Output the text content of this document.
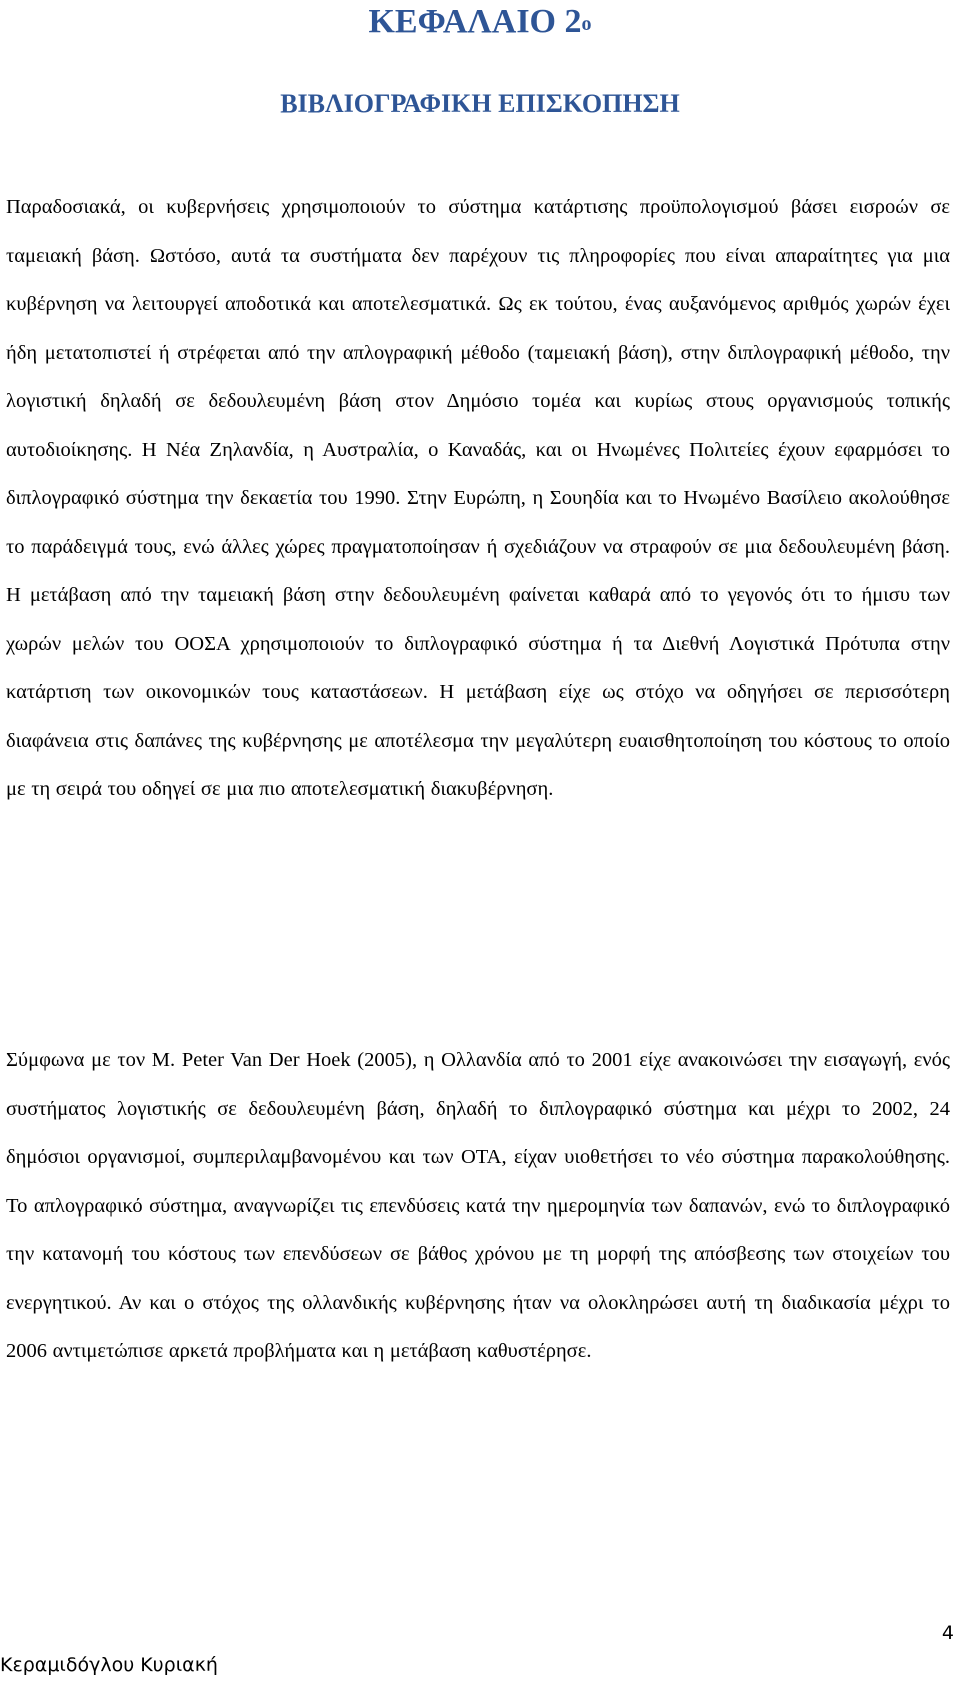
ΚΕΦΑΛΑΙΟ $2^o$
ΒΙΒΛΙΟΓΡΑΦΙΚΗ ΕΠΙΣΚΟΠΗΣΗ

Παραδοσιακά, οι κυβερνήσεις χρησιμοποιούν το σύστημα κατάρτισης προϋπολογισμού βάσει εισροών σε ταμειακή βάση. Ωστόσο, αυτά τα συστήματα δεν παρέχουν τις πληροφορίες που είναι απαραίτητες για μια κυβέρνηση να λειτουργεί αποδοτικά και αποτελεσματικά. Ως εκ τούτου, ένας αυξανόμενος αριθμός χωρών έχει ήδη μετατοπιστεί ή στρέφεται από την απλογραφική μέθοδο (ταμειακή βάση), στην διπλογραφική μέθοδο, την λογιστική δηλαδή σε δεδουλευμένη βάση στον Δημόσιο τομέα και κυρίως στους οργανισμούς τοπικής αυτοδιοίκησης. Η Νέα Ζηλανδία, η Αυστραλία, ο Καναδάς, και οι Ηνωμένες Πολιτείες έχουν εφαρμόσει το διπλογραφικό σύστημα την δεκαετία του 1990. Στην Ευρώπη, η Σουηδία και το Ηνωμένο Βασίλειο ακολούθησε το παράδειγμά τους, ενώ άλλες χώρες πραγματοποίησαν ή σχεδιάζουν να στραφούν σε μια δεδουλευμένη βάση. Η μετάβαση από την ταμειακή βάση στην δεδουλευμένη φαίνεται καθαρά από το γεγονός ότι το ήμισυ των χωρών μελών του ΟΟΣΑ χρησιμοποιούν το διπλογραφικό σύστημα ή τα Διεθνή Λογιστικά Πρότυπα στην κατάρτιση των οικονομικών τους καταστάσεων. Η μετάβαση είχε ως στόχο να οδηγήσει σε περισσότερη διαφάνεια στις δαπάνες της κυβέρνησης με αποτέλεσμα την μεγαλύτερη ευαισθητοποίηση του κόστους το οποίο με τη σειρά του οδηγεί σε μια πιο αποτελεσματική διακυβέρνηση.

Σύμφωνα με τον M. Peter Van Der Hoek (2005), η Ολλανδία από το 2001 είχε ανακοινώσει την εισαγωγή, ενός συστήματος λογιστικής σε δεδουλευμένη βάση, δηλαδή το διπλογραφικό σύστημα και μέχρι το 2002, 24 δημόσιοι οργανισμοί, συμπεριλαμβανομένου και των ΟΤΑ, είχαν υιοθετήσει το νέο σύστημα παρακολούθησης. Το απλογραφικό σύστημα, αναγνωρίζει τις επενδύσεις κατά την ημερομηνία των δαπανών, ενώ το διπλογραφικό την κατανομή του κόστους των επενδύσεων σε βάθος χρόνου με τη μορφή της απόσβεσης των στοιχείων του ενεργητικού. Αν και ο στόχος της ολλανδικής κυβέρνησης ήταν να ολοκληρώσει αυτή τη διαδικασία μέχρι το 2006 αντιμετώπισε αρκετά προβλήματα και η μετάβαση καθυστέρησε.

4
Κεραμιδόγλου Κυριακή
